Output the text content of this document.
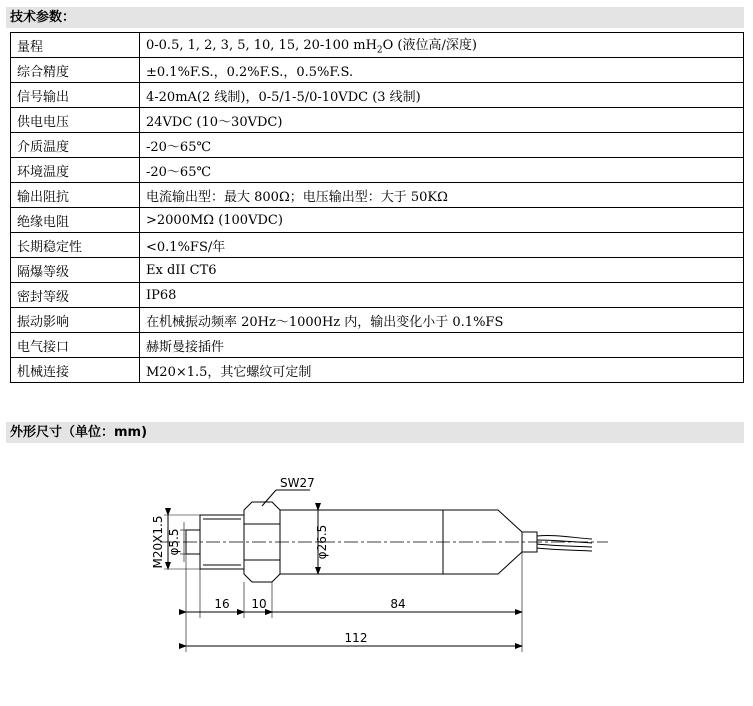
技术参数：
量程	0-0.5, 1, 2, 3, 5, 10, 15, 20-100 $mH_2O$ (液位高/深度)
综合精度	±0.1%F.S.，0.2%F.S.，0.5%F.S.
信号输出	4-20mA(2 线制)，0-5/1-5/0-10VDC (3 线制)
供电电压	24VDC (10～30VDC)
介质温度	-20～65℃
环境温度	-20～65℃
输出阻抗	电流输出型：最大 800Ω；电压输出型：大于 50KΩ
绝缘电阻	>2000MΩ (100VDC)
长期稳定性	<0.1%FS/年
隔爆等级	Ex dII CT6
密封等级	IP68
振动影响	在机械振动频率 20Hz～1000Hz 内，输出变化小于 0.1%FS
电气接口	赫斯曼接插件
机械连接	M20×1.5，其它螺纹可定制
外形尺寸（单位：mm)
M20X1.5 φ5.5	φ26.5
SW27
16 10	84
112
